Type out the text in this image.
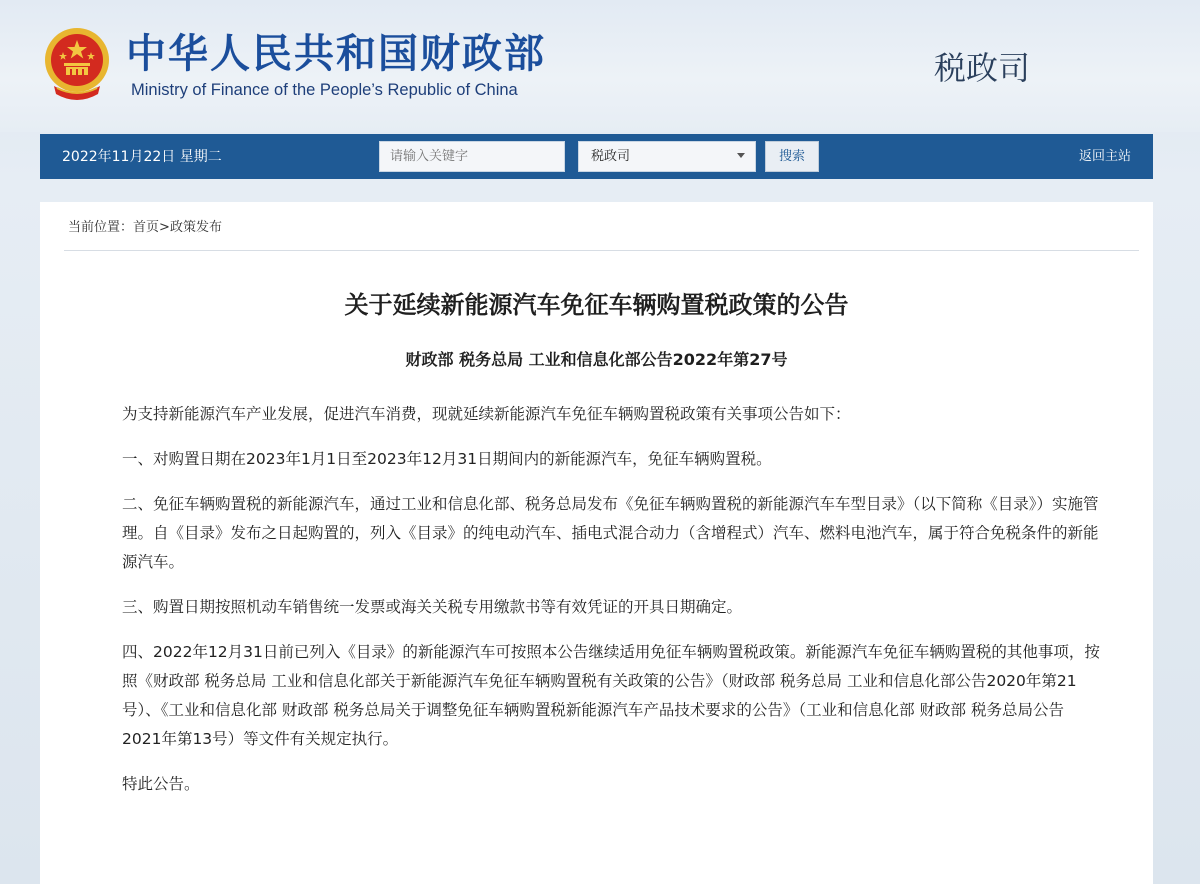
中华人民共和国财政部
Ministry of Finance of the People’s Republic of China
税政司
2022年11月22日 星期二
请输入关键字	税政司	搜索	返回主站
当前位置：首页>政策发布
关于延续新能源汽车免征车辆购置税政策的公告
财政部 税务总局 工业和信息化部公告2022年第27号

为支持新能源汽车产业发展，促进汽车消费，现就延续新能源汽车免征车辆购置税政策有关事项公告如下：

一、对购置日期在2023年1月1日至2023年12月31日期间内的新能源汽车，免征车辆购置税。

二、免征车辆购置税的新能源汽车，通过工业和信息化部、税务总局发布《免征车辆购置税的新能源汽车车型目录》（以下简称《目录》）实施管理。自《目录》发布之日起购置的，列入《目录》的纯电动汽车、插电式混合动力（含增程式）汽车、燃料电池汽车，属于符合免税条件的新能源汽车。

三、购置日期按照机动车销售统一发票或海关关税专用缴款书等有效凭证的开具日期确定。

四、2022年12月31日前已列入《目录》的新能源汽车可按照本公告继续适用免征车辆购置税政策。新能源汽车免征车辆购置税的其他事项，按照《财政部 税务总局 工业和信息化部关于新能源汽车免征车辆购置税有关政策的公告》（财政部 税务总局 工业和信息化部公告2020年第21号）、《工业和信息化部 财政部 税务总局关于调整免征车辆购置税新能源汽车产品技术要求的公告》（工业和信息化部 财政部 税务总局公告2021年第13号）等文件有关规定执行。

特此公告。
